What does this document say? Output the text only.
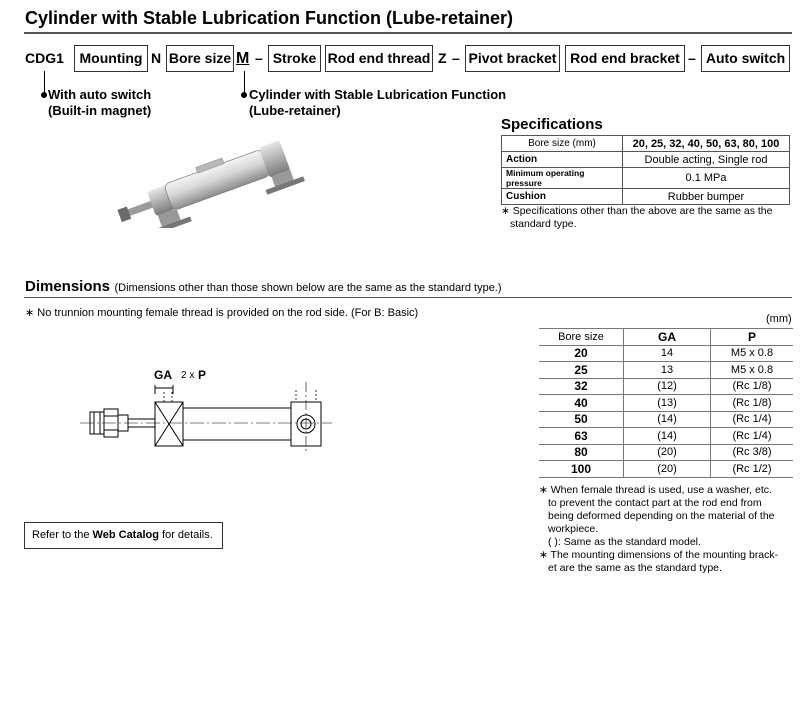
Cylinder with Stable Lubrication Function (Lube-retainer)
CDG1	Mounting N Bore size M – Stroke Rod end thread Z – Pivot bracket Rod end bracket – Auto switch
With auto switch
(Built-in magnet)
Cylinder with Stable Lubrication Function
(Lube-retainer)
Specifications
Bore size (mm)	20, 25, 32, 40, 50, 63, 80, 100
Action	Double acting, Single rod
Minimum operating pressure	0.1 MPa
Cushion	Rubber bumper
∗ Specifications other than the above are the same as the
standard type.
Dimensions (Dimensions other than those shown below are the same as the standard type.)
∗ No trunnion mounting female thread is provided on the rod side. (For B: Basic)	(mm)
GA 2 x P
Bore size	GA	P
20	14	M5 x 0.8
25	13	M5 x 0.8
32	(12)	(Rc 1/8)
40	(13)	(Rc 1/8)
50	(14)	(Rc 1/4)
63	(14)	(Rc 1/4)
80	(20)	(Rc 3/8)
100	(20)	(Rc 1/2)
∗ When female thread is used, use a washer, etc.
to prevent the contact part at the rod end from
being deformed depending on the material of the
workpiece.
( ): Same as the standard model.
∗ The mounting dimensions of the mounting brack-
et are the same as the standard type.
Refer to the Web Catalog for details.
